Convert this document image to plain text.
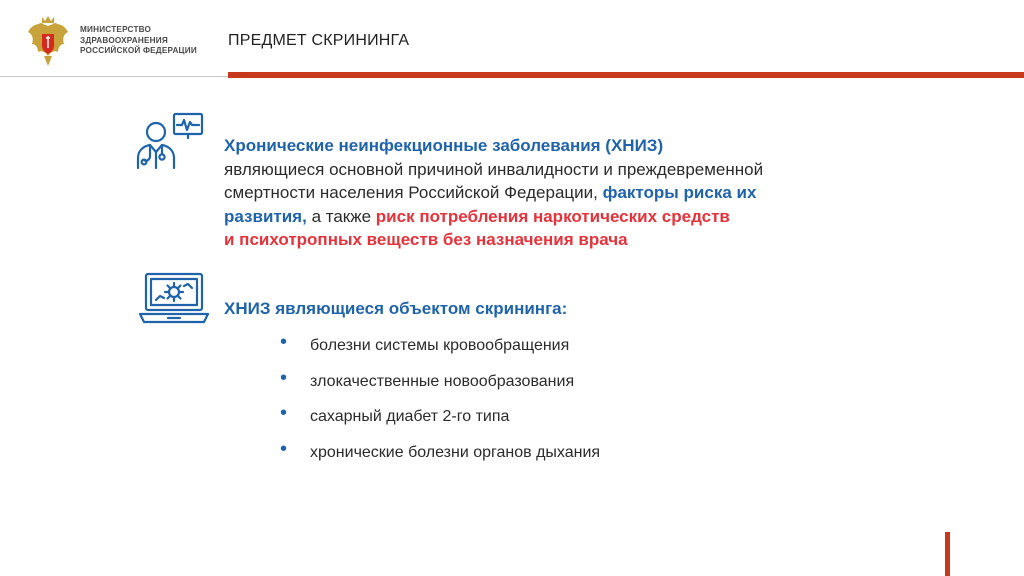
МИНИСТЕРСТВО
ЗДРАВООХРАНЕНИЯ
РОССИЙСКОЙ ФЕДЕРАЦИИ
ПРЕДМЕТ СКРИНИНГА
Хронические неинфекционные заболевания (ХНИЗ)
являющиеся основной причиной инвалидности и преждевременной
смертности населения Российской Федерации, факторы риска их
развития, а также риск потребления наркотических средств
и психотропных веществ без назначения врача
ХНИЗ являющиеся объектом скрининга:
• болезни системы кровообращения
• злокачественные новообразования
• сахарный диабет 2-го типа
• хронические болезни органов дыхания
